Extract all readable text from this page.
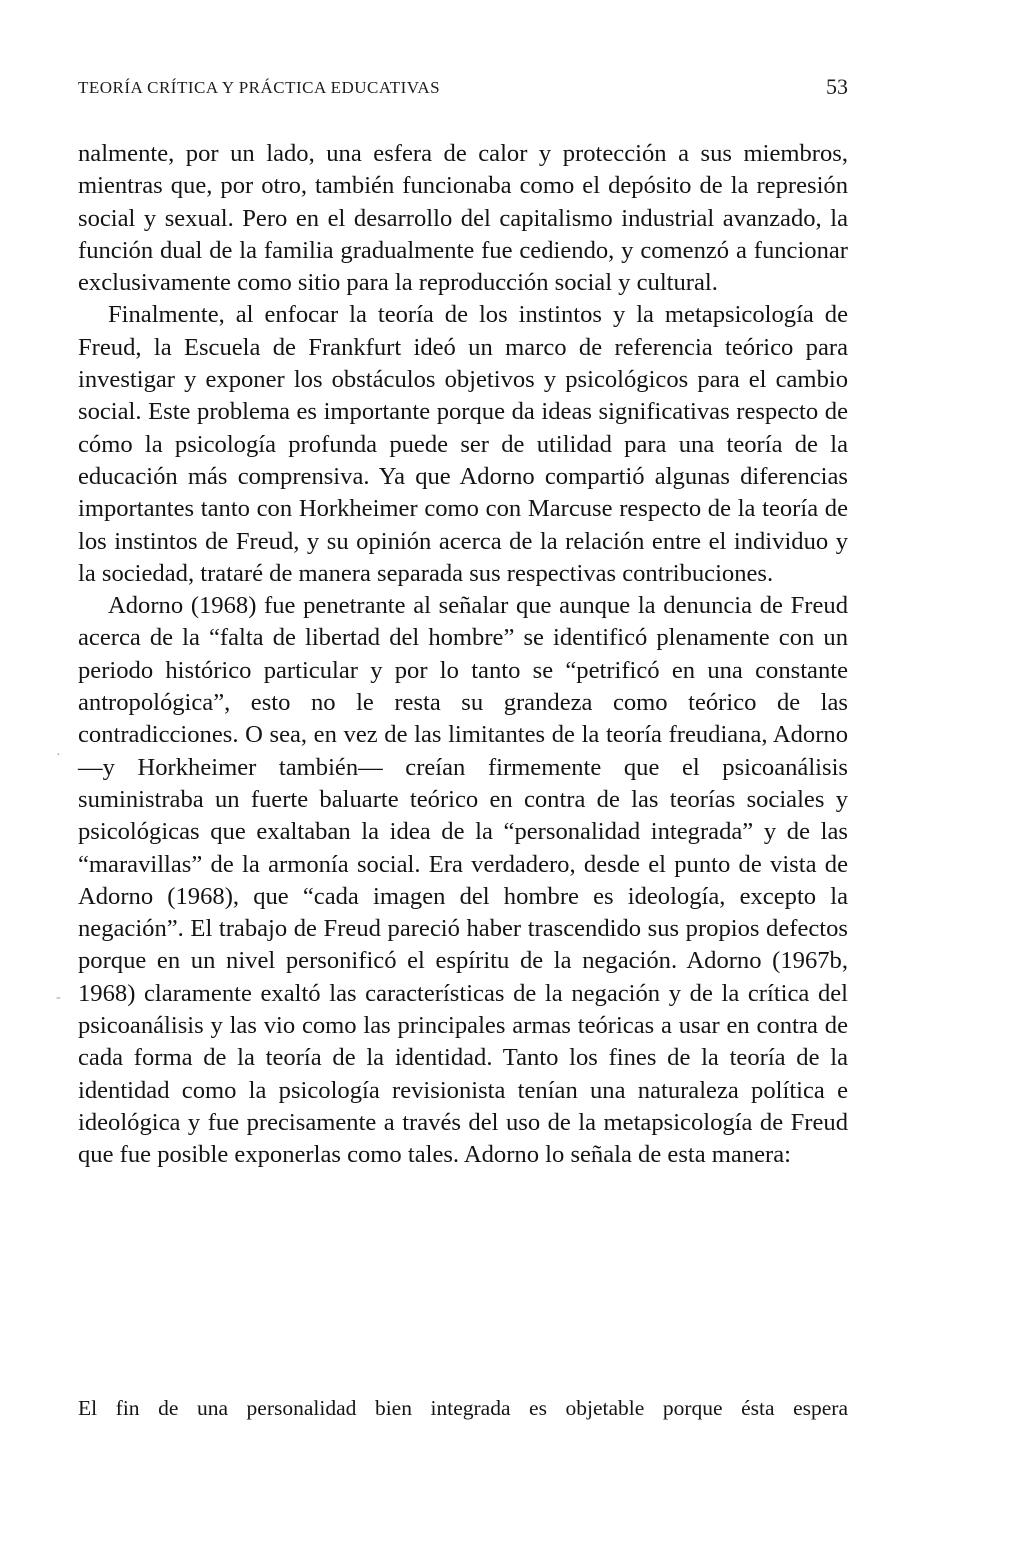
TEORÍA CRÍTICA Y PRÁCTICA EDUCATIVAS	53

nalmente, por un lado, una esfera de calor y protección a sus miembros, mientras que, por otro, también funcionaba como el depósito de la represión social y sexual. Pero en el desarrollo del capitalismo industrial avanzado, la función dual de la familia gradualmente fue cediendo, y comenzó a funcionar exclusivamente como sitio para la reproducción social y cultural.

Finalmente, al enfocar la teoría de los instintos y la metapsicología de Freud, la Escuela de Frankfurt ideó un marco de referencia teórico para investigar y exponer los obstáculos objetivos y psicológicos para el cambio social. Este problema es importante porque da ideas significativas respecto de cómo la psicología profunda puede ser de utilidad para una teoría de la educación más comprensiva. Ya que Adorno compartió algunas diferencias importantes tanto con Horkheimer como con Marcuse respecto de la teoría de los instintos de Freud, y su opinión acerca de la relación entre el individuo y la sociedad, trataré de manera separada sus respectivas contribuciones.

Adorno (1968) fue penetrante al señalar que aunque la denuncia de Freud acerca de la “falta de libertad del hombre” se identificó plenamente con un periodo histórico particular y por lo tanto se “petrificó en una constante antropológica”, esto no le resta su grandeza como teórico de las contradicciones. O sea, en vez de las limitantes de la teoría freudiana, Adorno —y Horkheimer también— creían firmemente que el psicoanálisis suministraba un fuerte baluarte teórico en contra de las teorías sociales y psicológicas que exaltaban la idea de la “personalidad integrada” y de las “maravillas” de la armonía social. Era verdadero, desde el punto de vista de Adorno (1968), que “cada imagen del hombre es ideología, excepto la negación”. El trabajo de Freud pareció haber trascendido sus propios defectos porque en un nivel personificó el espíritu de la negación. Adorno (1967b, 1968) claramente exaltó las características de la negación y de la crítica del psicoanálisis y las vio como las principales armas teóricas a usar en contra de cada forma de la teoría de la identidad. Tanto los fines de la teoría de la identidad como la psicología revisionista tenían una naturaleza política e ideológica y fue precisamente a través del uso de la metapsicología de Freud que fue posible exponerlas como tales. Adorno lo señala de esta manera:

El fin de una personalidad bien integrada es objetable porque ésta espera

·
-
